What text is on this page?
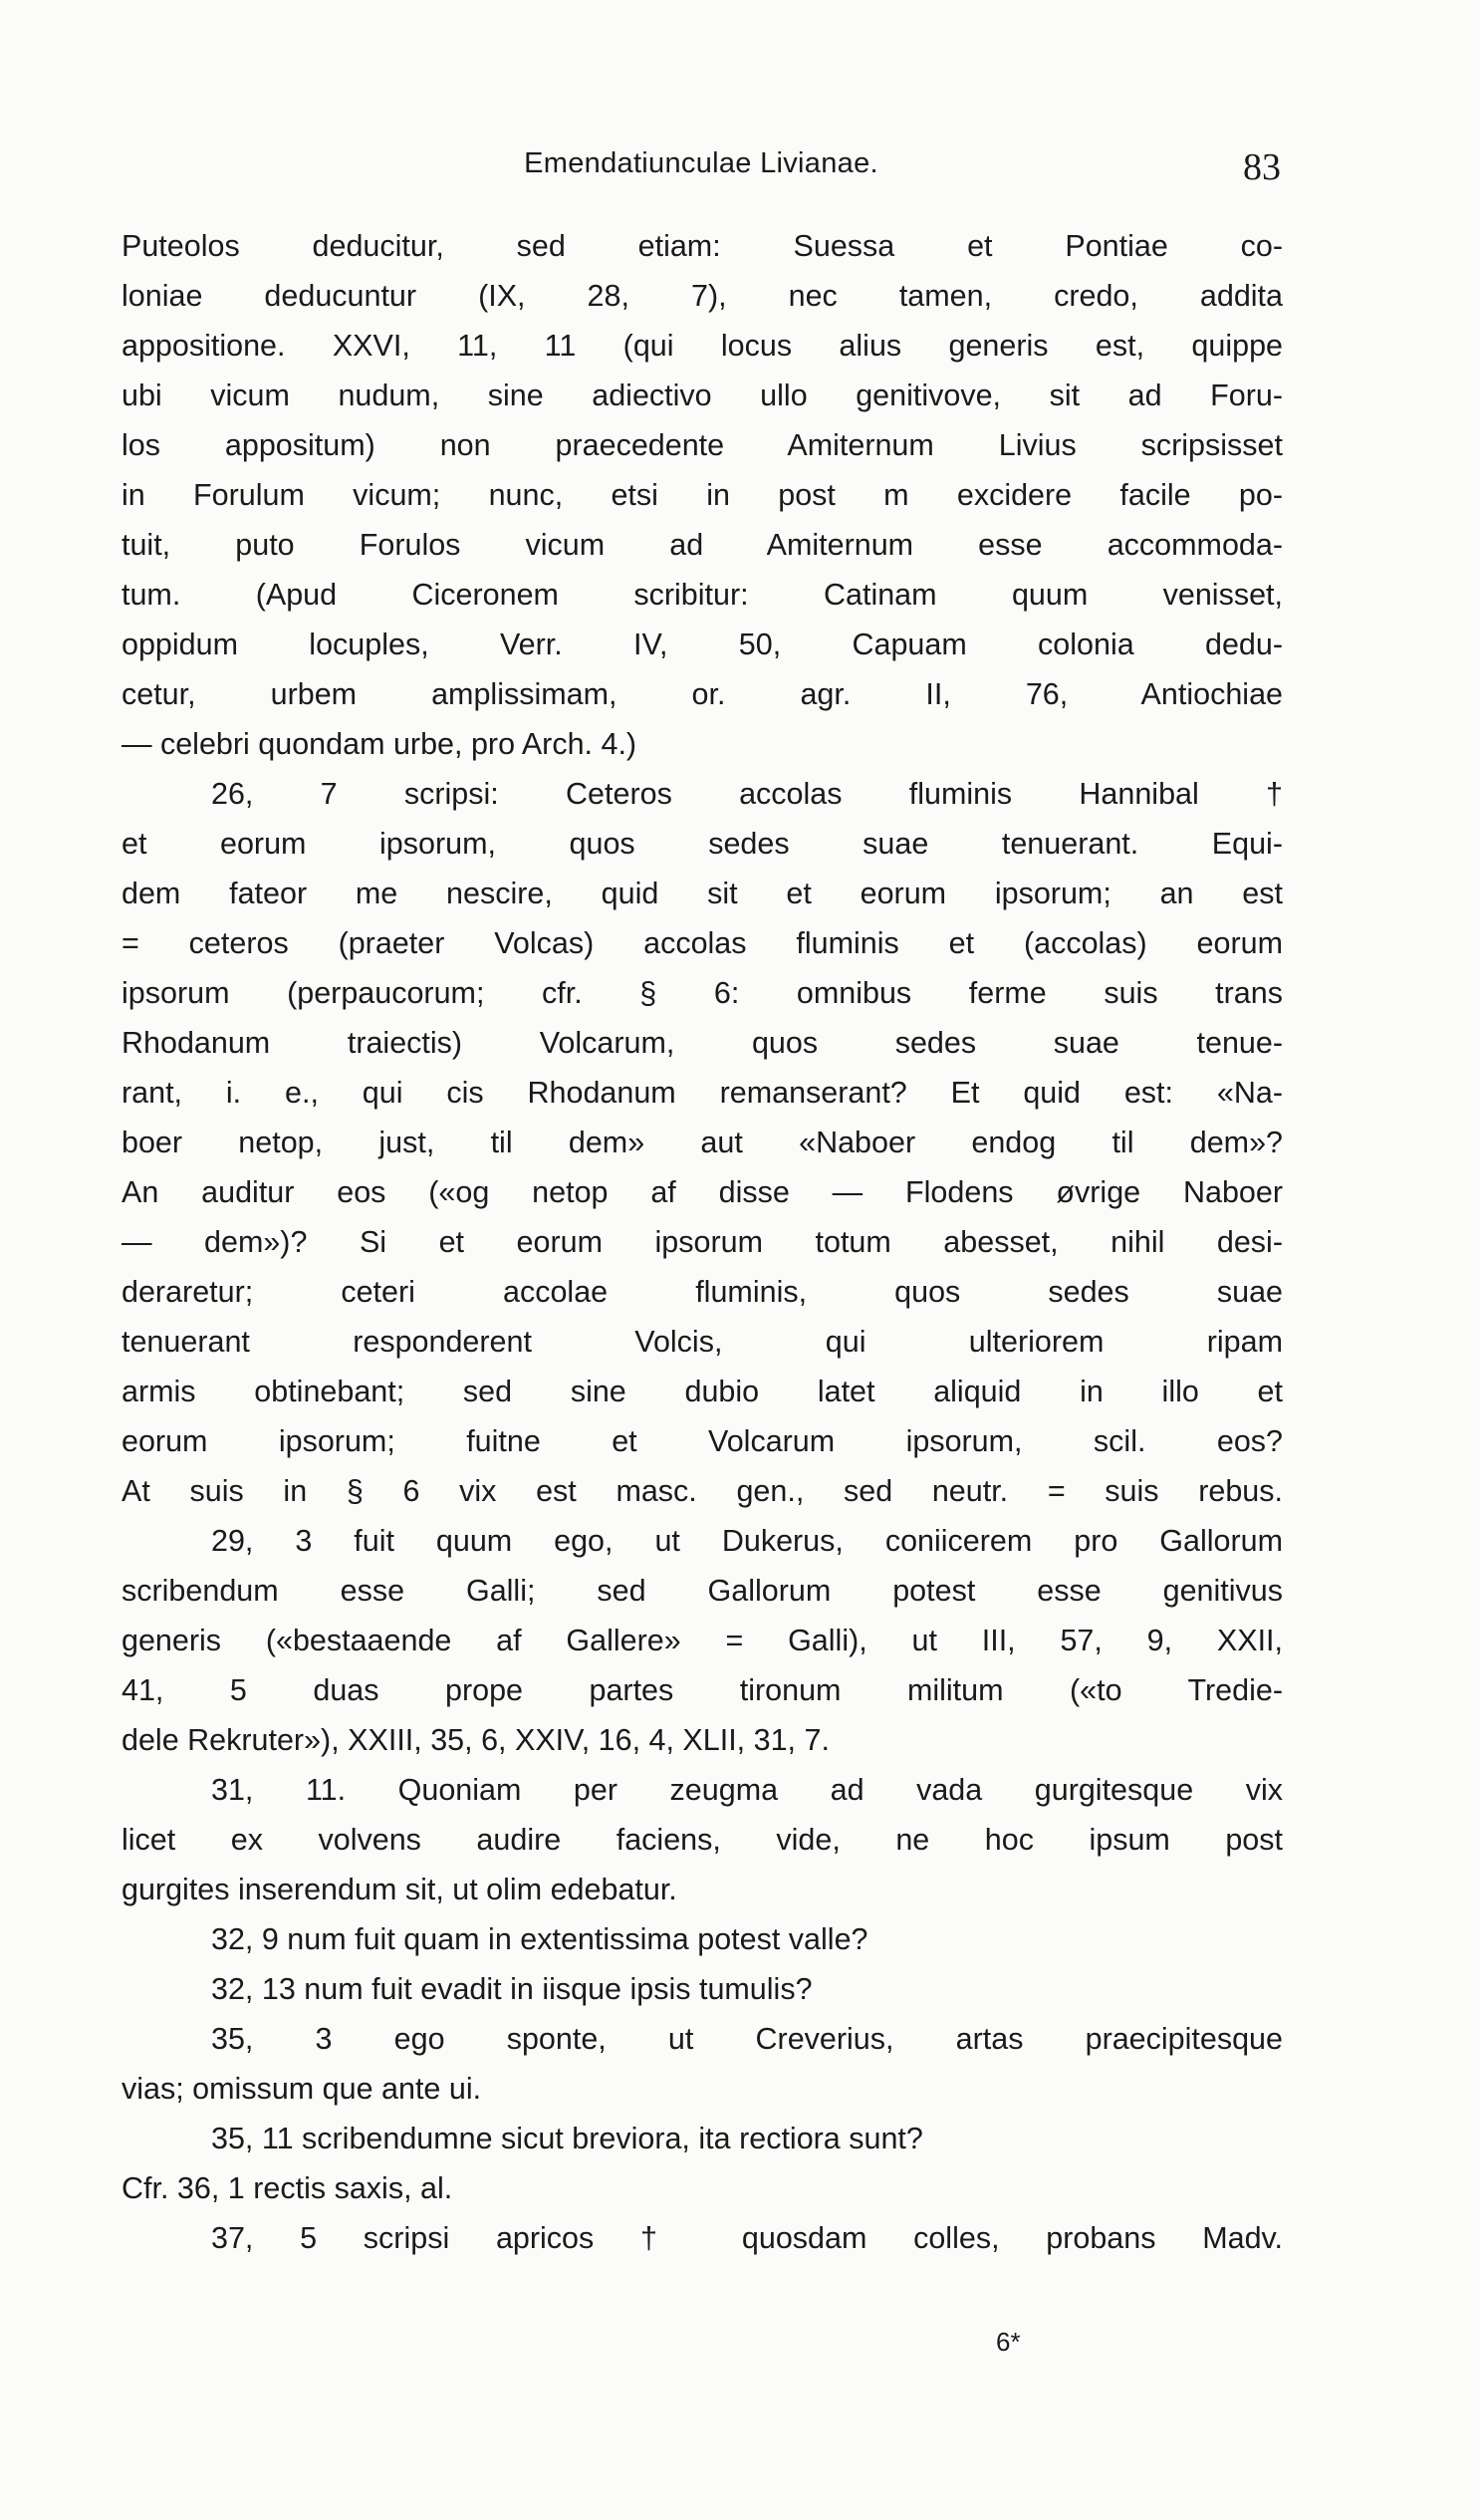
Emendatiunculae Livianae.	83
Puteolos deducitur, sed etiam: Suessa et Pontiae co-
loniae deducuntur (IX, 28, 7), nec tamen, credo, addita
appositione. XXVI, 11, 11 (qui locus alius generis est, quippe
ubi vicum nudum, sine adiectivo ullo genitivove, sit ad Foru-
los appositum) non praecedente Amiternum Livius scripsisset
in Forulum vicum; nunc, etsi in post m excidere facile po-
tuit, puto Forulos vicum ad Amiternum esse accommoda-
tum. (Apud Ciceronem scribitur: Catinam quum venisset,
oppidum locuples, Verr. IV, 50, Capuam colonia dedu-
cetur, urbem amplissimam, or. agr. II, 76, Antiochiae
— celebri quondam urbe, pro Arch. 4.)
26, 7 scripsi: Ceteros accolas fluminis Hannibal †
et eorum ipsorum, quos sedes suae tenuerant. Equi-
dem fateor me nescire, quid sit et eorum ipsorum; an est
= ceteros (praeter Volcas) accolas fluminis et (accolas) eorum
ipsorum (perpaucorum; cfr. § 6: omnibus ferme suis trans
Rhodanum traiectis) Volcarum, quos sedes suae tenue-
rant, i. e., qui cis Rhodanum remanserant? Et quid est: «Na-
boer netop, just, til dem» aut «Naboer endog til dem»?
An auditur eos («og netop af disse — Flodens øvrige Naboer
— dem»)? Si et eorum ipsorum totum abesset, nihil desi-
deraretur; ceteri accolae fluminis, quos sedes suae
tenuerant responderent Volcis, qui ulteriorem ripam
armis obtinebant; sed sine dubio latet aliquid in illo et
eorum ipsorum; fuitne et Volcarum ipsorum, scil. eos?
At suis in § 6 vix est masc. gen., sed neutr. = suis rebus.
29, 3 fuit quum ego, ut Dukerus, coniicerem pro Gallorum
scribendum esse Galli; sed Gallorum potest esse genitivus
generis («bestaaende af Gallere» = Galli), ut III, 57, 9, XXII,
41, 5 duas prope partes tironum militum («to Tredie-
dele Rekruter»), XXIII, 35, 6, XXIV, 16, 4, XLII, 31, 7.
31, 11. Quoniam per zeugma ad vada gurgitesque vix
licet ex volvens audire faciens, vide, ne hoc ipsum post
gurgites inserendum sit, ut olim edebatur.
32, 9 num fuit quam in extentissima potest valle?
32, 13 num fuit evadit in iisque ipsis tumulis?
35, 3 ego sponte, ut Creverius, artas praecipitesque
vias; omissum que ante ui.
35, 11 scribendumne sicut breviora, ita rectiora sunt?
Cfr. 36, 1 rectis saxis, al.
37, 5 scripsi apricos † quosdam colles, probans Madv.
6*
